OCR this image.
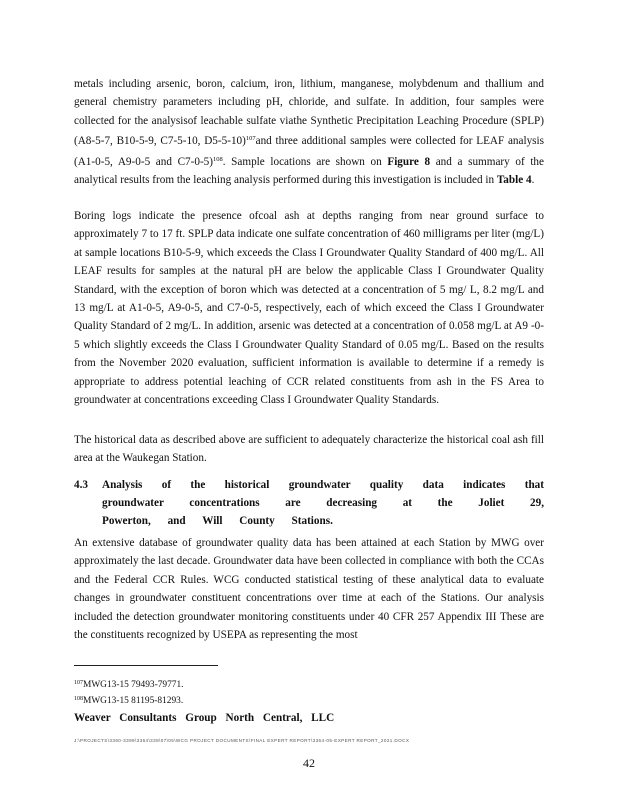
metals including arsenic, boron, calcium, iron, lithium, manganese, molybdenum and thallium and general chemistry parameters including pH, chloride, and sulfate. In addition, four samples were collected for the analysisof leachable sulfate viathe Synthetic Precipitation Leaching Procedure (SPLP) (A8-5-7, B10-5-9, C7-5-10, D5-5-10)$^{107}$and three additional samples were collected for LEAF analysis (A1-0-5, A9-0-5 and C7-0-5)$^{108}$. Sample locations are shown on Figure 8 and a summary of the analytical results from the leaching analysis performed during this investigation is included in Table 4.

Boring logs indicate the presence ofcoal ash at depths ranging from near ground surface to approximately 7 to 17 ft. SPLP data indicate one sulfate concentration of 460 milligrams per liter (mg/L) at sample locations B10-5-9, which exceeds the Class I Groundwater Quality Standard of 400 mg/L. All LEAF results for samples at the natural pH are below the applicable Class I Groundwater Quality Standard, with the exception of boron which was detected at a concentration of 5 mg/ L, 8.2 mg/L and 13 mg/L at A1-0-5, A9-0-5, and C7-0-5, respectively, each of which exceed the Class I Groundwater Quality Standard of 2 mg/L. In addition, arsenic was detected at a concentration of 0.058 mg/L at A9 -0-5 which slightly exceeds the Class I Groundwater Quality Standard of 0.05 mg/L. Based on the results from the November 2020 evaluation, sufficient information is available to determine if a remedy is appropriate to address potential leaching of CCR related constituents from ash in the FS Area to groundwater at concentrations exceeding Class I Groundwater Quality Standards.

The historical data as described above are sufficient to adequately characterize the historical coal ash fill area at the Waukegan Station.

4.3 Analysis of the historical groundwater quality data indicates that groundwater concentrations are decreasing at the Joliet 29, Powerton, and Will County Stations.

An extensive database of groundwater quality data has been attained at each Station by MWG over approximately the last decade. Groundwater data have been collected in compliance with both the CCAs and the Federal CCR Rules. WCG conducted statistical testing of these analytical data to evaluate changes in groundwater constituent concentrations over time at each of the Stations. Our analysis included the detection groundwater monitoring constituents under 40 CFR 257 Appendix III These are the constituents recognized by USEPA as representing the most

$^{107}$MWG13-15 79493-79771.
$^{108}$MWG13-15 81195-81293.
Weaver Consultants Group North Central, LLC
J:\PROJECTS\3360-3399\3364\338\07\05\WCG PROJECT DOCUMENTS\FINAL EXPERT REPORT\3364-05-EXPERT REPORT_2021.DOCX
42
